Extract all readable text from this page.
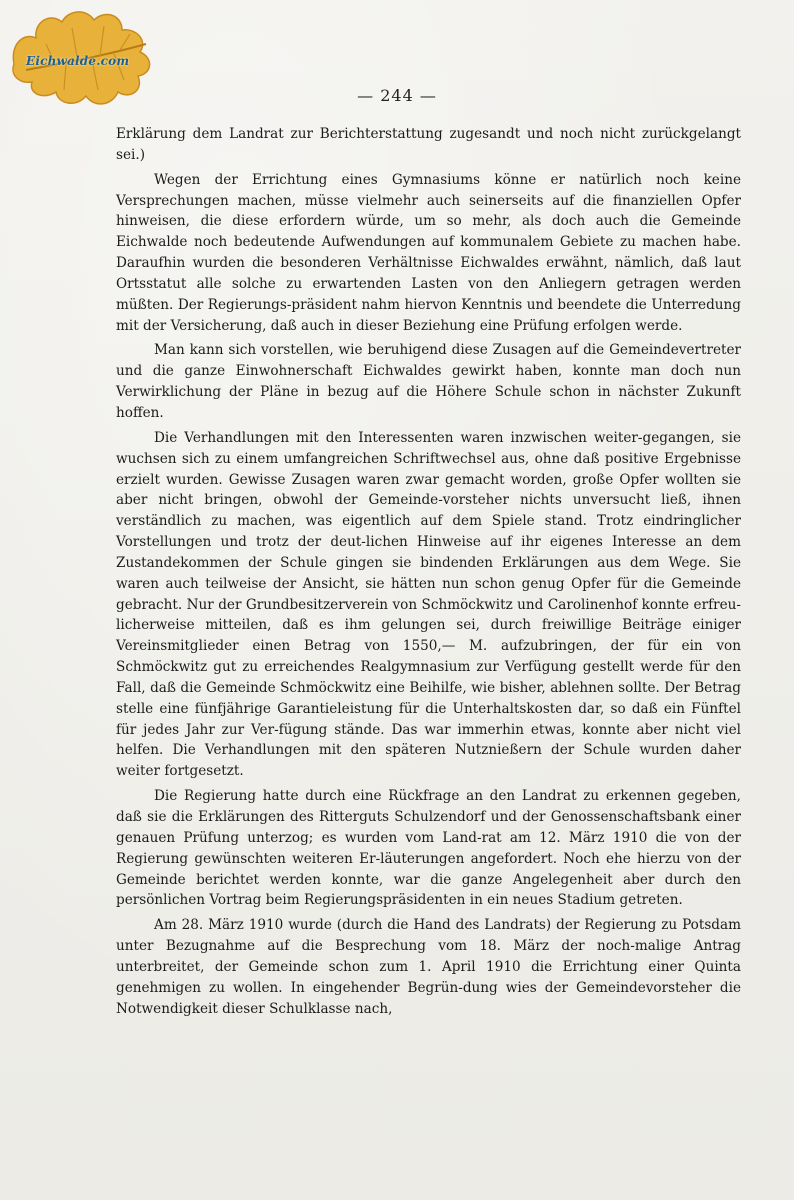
Eichwalde.com
— 244 —

Erklärung dem Landrat zur Berichterstattung zugesandt und noch nicht zurückgelangt sei.)

Wegen der Errichtung eines Gymnasiums könne er natürlich noch keine Versprechungen machen, müsse vielmehr auch seinerseits auf die finanziellen Opfer hinweisen, die diese erfordern würde, um so mehr, als doch auch die Gemeinde Eichwalde noch bedeutende Aufwendungen auf kommunalem Gebiete zu machen habe. Daraufhin wurden die besonderen Verhältnisse Eichwaldes erwähnt, nämlich, daß laut Ortsstatut alle solche zu erwartenden Lasten von den Anliegern getragen werden müßten. Der Regierungs-präsident nahm hiervon Kenntnis und beendete die Unterredung mit der Versicherung, daß auch in dieser Beziehung eine Prüfung erfolgen werde.

Man kann sich vorstellen, wie beruhigend diese Zusagen auf die Gemeindevertreter und die ganze Einwohnerschaft Eichwaldes gewirkt haben, konnte man doch nun Verwirklichung der Pläne in bezug auf die Höhere Schule schon in nächster Zukunft hoffen.

Die Verhandlungen mit den Interessenten waren inzwischen weiter-gegangen, sie wuchsen sich zu einem umfangreichen Schriftwechsel aus, ohne daß positive Ergebnisse erzielt wurden. Gewisse Zusagen waren zwar gemacht worden, große Opfer wollten sie aber nicht bringen, obwohl der Gemeinde-vorsteher nichts unversucht ließ, ihnen verständlich zu machen, was eigentlich auf dem Spiele stand. Trotz eindringlicher Vorstellungen und trotz der deut-lichen Hinweise auf ihr eigenes Interesse an dem Zustandekommen der Schule gingen sie bindenden Erklärungen aus dem Wege. Sie waren auch teilweise der Ansicht, sie hätten nun schon genug Opfer für die Gemeinde gebracht. Nur der Grundbesitzerverein von Schmöckwitz und Carolinenhof konnte erfreu-licherweise mitteilen, daß es ihm gelungen sei, durch freiwillige Beiträge einiger Vereinsmitglieder einen Betrag von 1550,— M. aufzubringen, der für ein von Schmöckwitz gut zu erreichendes Realgymnasium zur Verfügung gestellt werde für den Fall, daß die Gemeinde Schmöckwitz eine Beihilfe, wie bisher, ablehnen sollte. Der Betrag stelle eine fünfjährige Garantieleistung für die Unterhaltskosten dar, so daß ein Fünftel für jedes Jahr zur Ver-fügung stände. Das war immerhin etwas, konnte aber nicht viel helfen. Die Verhandlungen mit den späteren Nutznießern der Schule wurden daher weiter fortgesetzt.

Die Regierung hatte durch eine Rückfrage an den Landrat zu erkennen gegeben, daß sie die Erklärungen des Ritterguts Schulzendorf und der Genossenschaftsbank einer genauen Prüfung unterzog; es wurden vom Land-rat am 12. März 1910 die von der Regierung gewünschten weiteren Er-läuterungen angefordert. Noch ehe hierzu von der Gemeinde berichtet werden konnte, war die ganze Angelegenheit aber durch den persönlichen Vortrag beim Regierungspräsidenten in ein neues Stadium getreten.

Am 28. März 1910 wurde (durch die Hand des Landrats) der Regierung zu Potsdam unter Bezugnahme auf die Besprechung vom 18. März der noch-malige Antrag unterbreitet, der Gemeinde schon zum 1. April 1910 die Errichtung einer Quinta genehmigen zu wollen. In eingehender Begrün-dung wies der Gemeindevorsteher die Notwendigkeit dieser Schulklasse nach,
